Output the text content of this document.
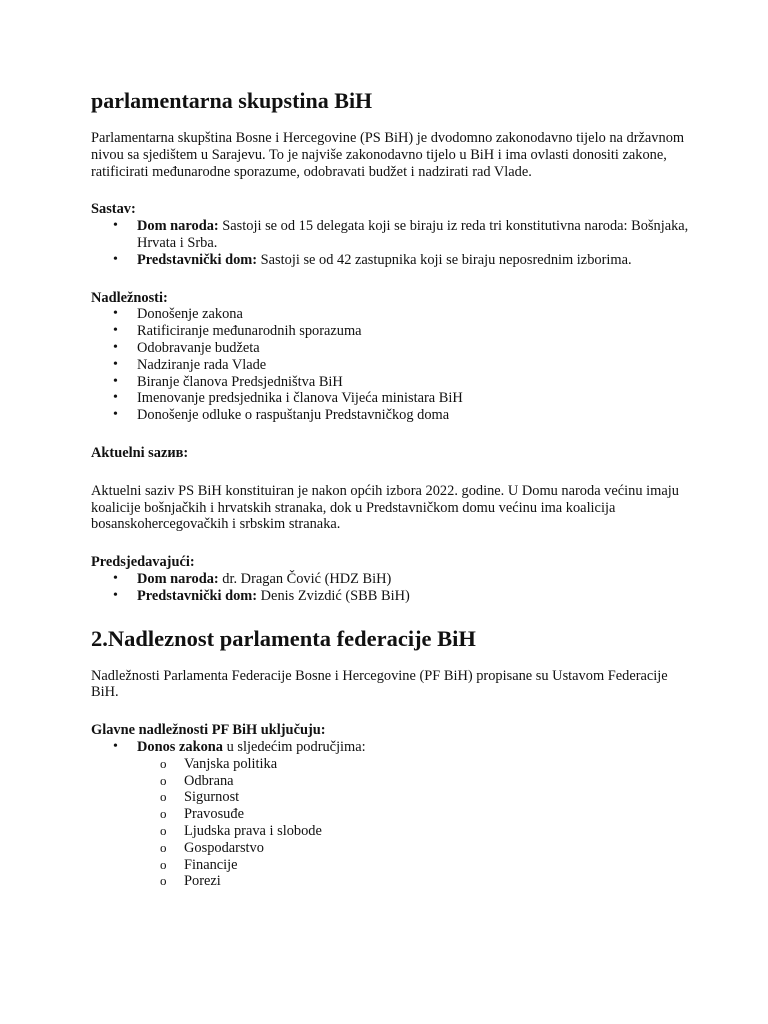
parlamentarna skupstina BiH

Parlamentarna skupština Bosne i Hercegovine (PS BiH) je dvodomno zakonodavno tijelo na državnom nivou sa sjedištem u Sarajevu. To je najviše zakonodavno tijelo u BiH i ima ovlasti donositi zakone, ratificirati međunarodne sporazume, odobravati budžet i nadzirati rad Vlade.

Sastav:

• Dom naroda: Sastoji se od 15 delegata koji se biraju iz reda tri konstitutivna naroda: Bošnjaka, Hrvata i Srba.
• Predstavnički dom: Sastoji se od 42 zastupnika koji se biraju neposrednim izborima.

Nadležnosti:

• Donošenje zakona
• Ratificiranje međunarodnih sporazuma
• Odobravanje budžeta
• Nadziranje rada Vlade
• Biranje članova Predsjedništva BiH
• Imenovanje predsjednika i članova Vijeća ministara BiH
• Donošenje odluke o raspuštanju Predstavničkog doma

Aktuelni sazив:

Aktuelni saziv PS BiH konstituiran je nakon općih izbora 2022. godine. U Domu naroda većinu imaju koalicije bošnjačkih i hrvatskih stranaka, dok u Predstavničkom domu većinu ima koalicija bosanskohercegovačkih i srbskim stranaka.

Predsjedavajući:

• Dom naroda: dr. Dragan Čović (HDZ BiH)
• Predstavnički dom: Denis Zvizdić (SBB BiH)
2.Nadleznost parlamenta federacije BiH

Nadležnosti Parlamenta Federacije Bosne i Hercegovine (PF BiH) propisane su Ustavom Federacije BiH.

Glavne nadležnosti PF BiH uključuju:

• Donos zakona u sljedećim područjima:
o Vanjska politika
o Odbrana
o Sigurnost
o Pravosuđe
o Ljudska prava i slobode
o Gospodarstvo
o Financije
o Porezi
